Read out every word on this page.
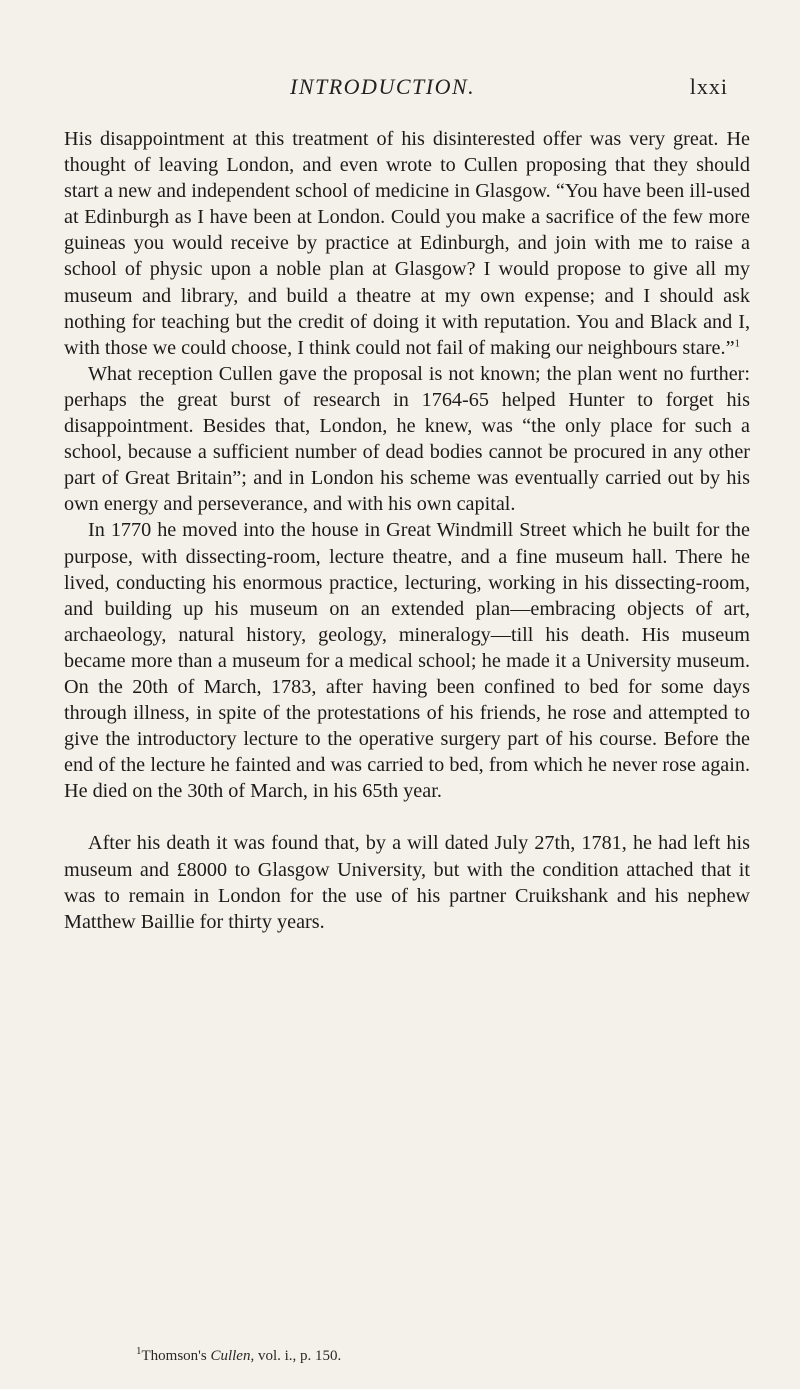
INTRODUCTION.	lxxi

His disappointment at this treatment of his disinterested offer was very great. He thought of leaving London, and even wrote to Cullen proposing that they should start a new and independent school of medicine in Glasgow. “You have been ill-used at Edinburgh as I have been at London. Could you make a sacrifice of the few more guineas you would receive by practice at Edinburgh, and join with me to raise a school of physic upon a noble plan at Glasgow? I would propose to give all my museum and library, and build a theatre at my own expense; and I should ask nothing for teaching but the credit of doing it with reputation. You and Black and I, with those we could choose, I think could not fail of making our neighbours stare.”$^1$

What reception Cullen gave the proposal is not known; the plan went no further: perhaps the great burst of research in 1764-65 helped Hunter to forget his disappointment. Besides that, London, he knew, was “the only place for such a school, because a sufficient number of dead bodies cannot be procured in any other part of Great Britain”; and in London his scheme was eventually carried out by his own energy and perseverance, and with his own capital.

In 1770 he moved into the house in Great Windmill Street which he built for the purpose, with dissecting-room, lecture theatre, and a fine museum hall. There he lived, conducting his enormous practice, lecturing, working in his dissecting-room, and building up his museum on an extended plan—embracing objects of art, archaeology, natural history, geology, mineralogy—till his death. His museum became more than a museum for a medical school; he made it a University museum. On the 20th of March, 1783, after having been confined to bed for some days through illness, in spite of the protestations of his friends, he rose and attempted to give the introductory lecture to the operative surgery part of his course. Before the end of the lecture he fainted and was carried to bed, from which he never rose again. He died on the 30th of March, in his 65th year.

After his death it was found that, by a will dated July 27th, 1781, he had left his museum and £8000 to Glasgow University, but with the condition attached that it was to remain in London for the use of his partner Cruikshank and his nephew Matthew Baillie for thirty years.

$^1$Thomson's Cullen, vol. i., p. 150.
